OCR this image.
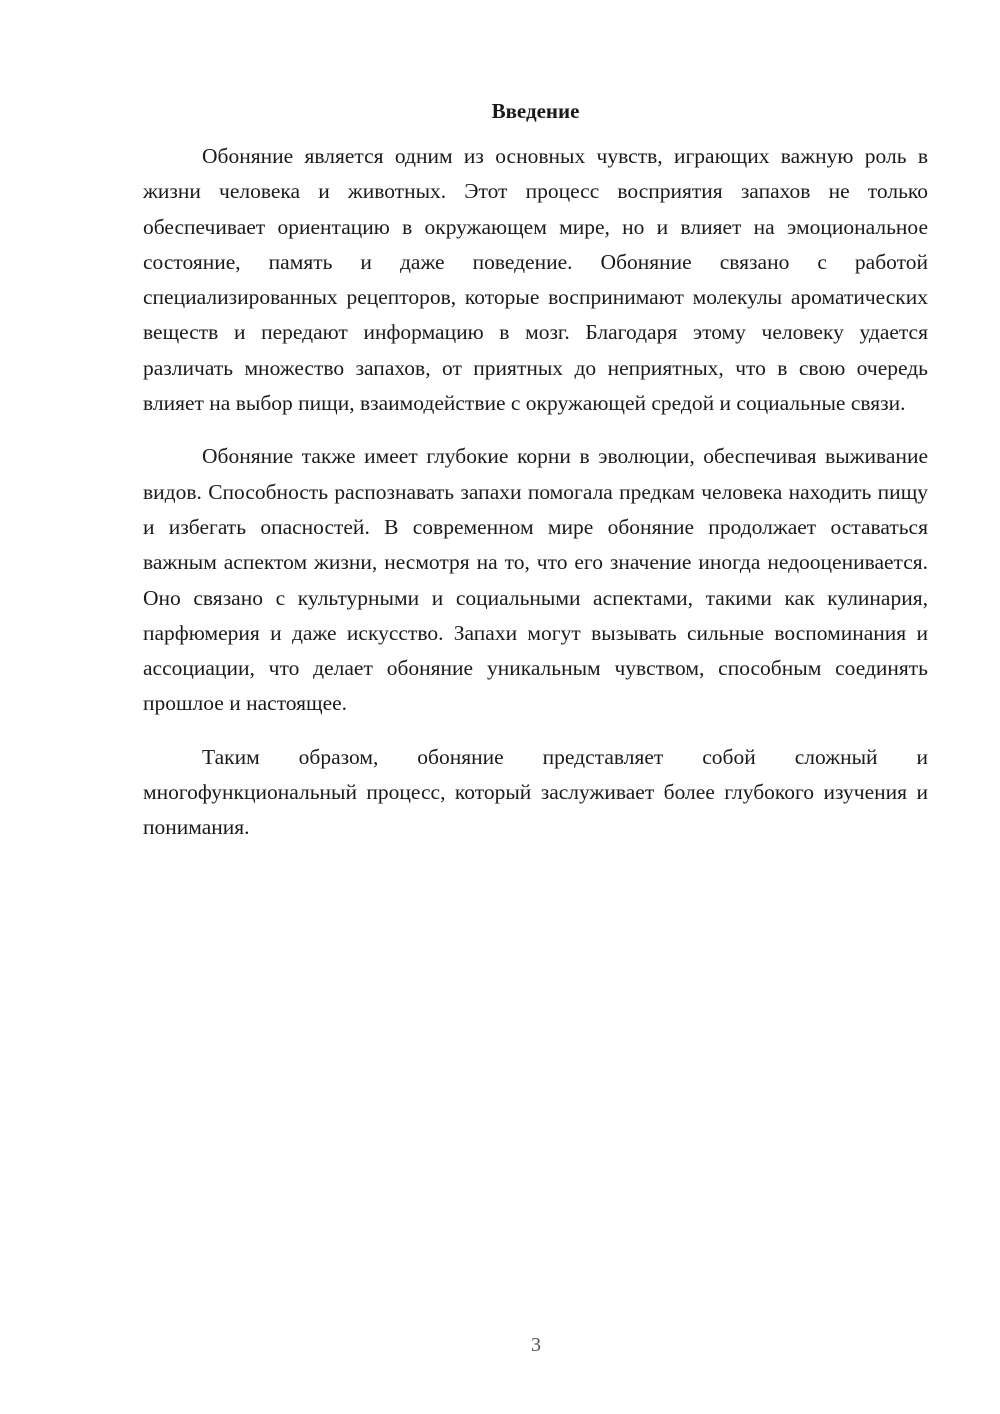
Введение

Обоняние является одним из основных чувств, играющих важную роль в жизни человека и животных. Этот процесс восприятия запахов не только обеспечивает ориентацию в окружающем мире, но и влияет на эмоциональное состояние, память и даже поведение. Обоняние связано с работой специализированных рецепторов, которые воспринимают молекулы ароматических веществ и передают информацию в мозг. Благодаря этому человеку удается различать множество запахов, от приятных до неприятных, что в свою очередь влияет на выбор пищи, взаимодействие с окружающей средой и социальные связи.

Обоняние также имеет глубокие корни в эволюции, обеспечивая выживание видов. Способность распознавать запахи помогала предкам человека находить пищу и избегать опасностей. В современном мире обоняние продолжает оставаться важным аспектом жизни, несмотря на то, что его значение иногда недооценивается. Оно связано с культурными и социальными аспектами, такими как кулинария, парфюмерия и даже искусство. Запахи могут вызывать сильные воспоминания и ассоциации, что делает обоняние уникальным чувством, способным соединять прошлое и настоящее.

Таким образом, обоняние представляет собой сложный и многофункциональный процесс, который заслуживает более глубокого изучения и понимания.

3
